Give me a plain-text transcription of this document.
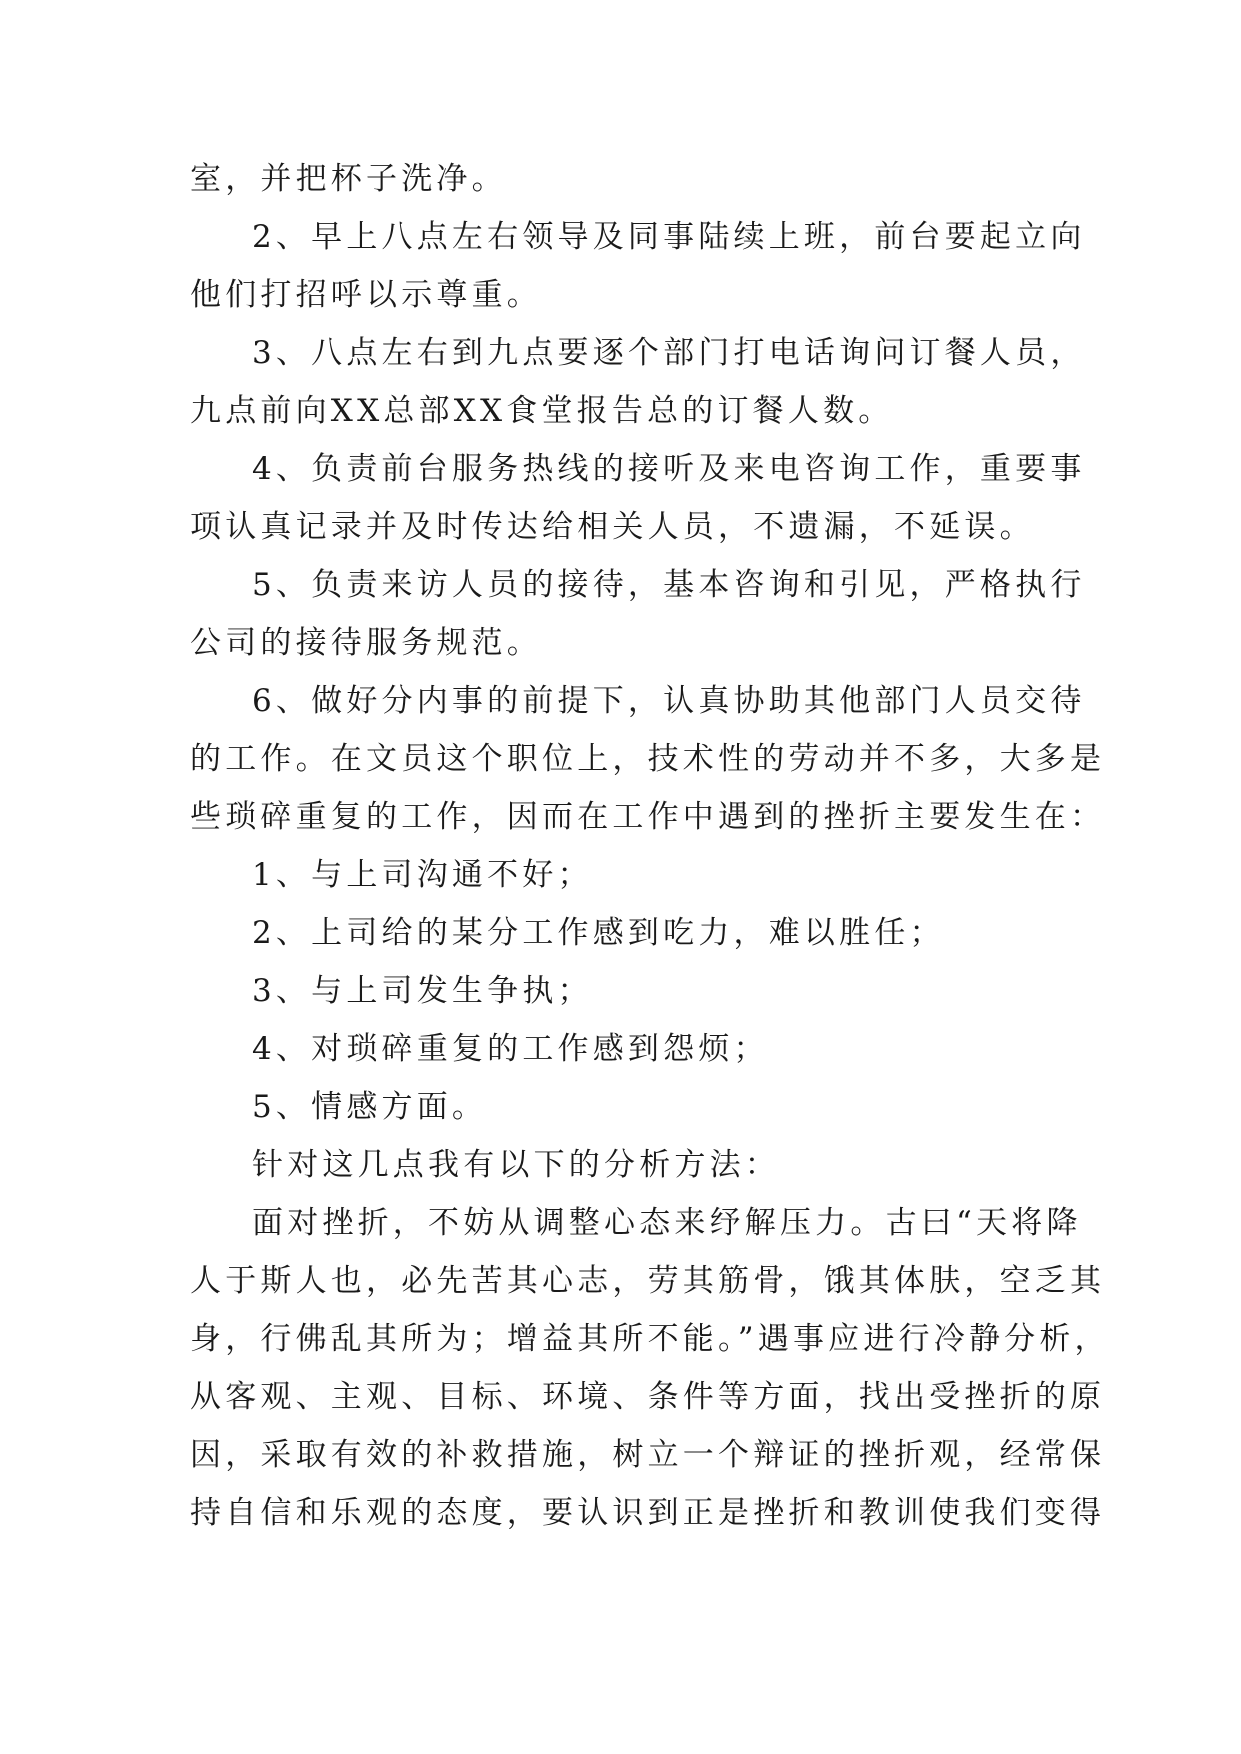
室，并把杯子洗净。
2、早上八点左右领导及同事陆续上班，前台要起立向
他们打招呼以示尊重。
3、八点左右到九点要逐个部门打电话询问订餐人员，
九点前向XX总部XX食堂报告总的订餐人数。
4、负责前台服务热线的接听及来电咨询工作，重要事
项认真记录并及时传达给相关人员，不遗漏，不延误。
5、负责来访人员的接待，基本咨询和引见，严格执行
公司的接待服务规范。
6、做好分内事的前提下，认真协助其他部门人员交待
的工作。在文员这个职位上，技术性的劳动并不多，大多是
些琐碎重复的工作，因而在工作中遇到的挫折主要发生在：
1、与上司沟通不好；
2、上司给的某分工作感到吃力，难以胜任；
3、与上司发生争执；
4、对琐碎重复的工作感到怨烦；
5、情感方面。
针对这几点我有以下的分析方法：
面对挫折，不妨从调整心态来纾解压力。古曰“天将降
人于斯人也，必先苦其心志，劳其筋骨，饿其体肤，空乏其
身，行佛乱其所为；增益其所不能。”遇事应进行冷静分析，
从客观、主观、目标、环境、条件等方面，找出受挫折的原
因，采取有效的补救措施，树立一个辩证的挫折观，经常保
持自信和乐观的态度，要认识到正是挫折和教训使我们变得
